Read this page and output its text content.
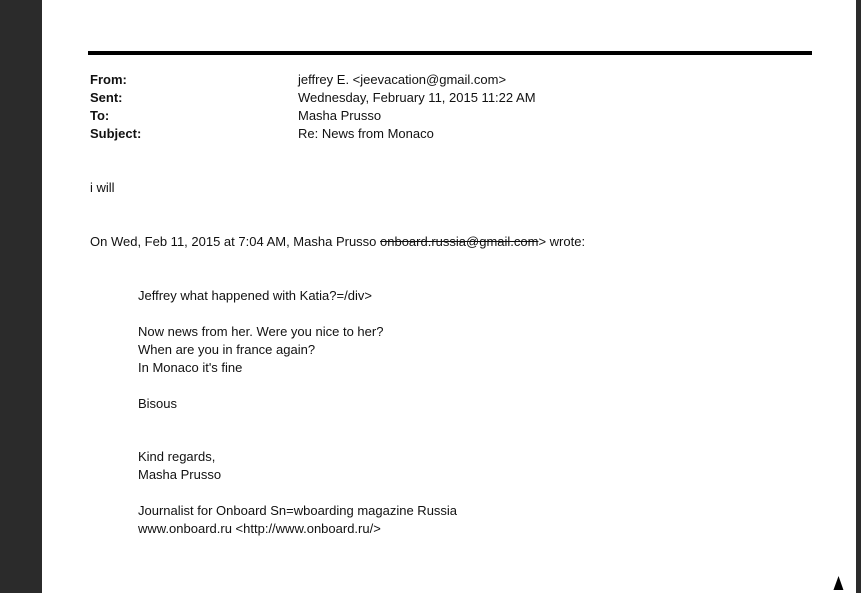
From:	jeffrey E. <jeevacation@gmail.com>
Sent:	Wednesday, February 11, 2015 11:22 AM
To:	Masha Prusso
Subject:	Re: News from Monaco
i will
On Wed, Feb 11, 2015 at 7:04 AM, Masha Prusso onboard.russia@gmail.com> wrote:
Jeffrey what happened with Katia?=/div>
Now news from her. Were you nice to her?
When are you in france again?
In Monaco it's fine
Bisous
Kind regards,
Masha Prusso
Journalist for Onboard Sn=wboarding magazine Russia
www.onboard.ru <http://www.onboard.ru/>
